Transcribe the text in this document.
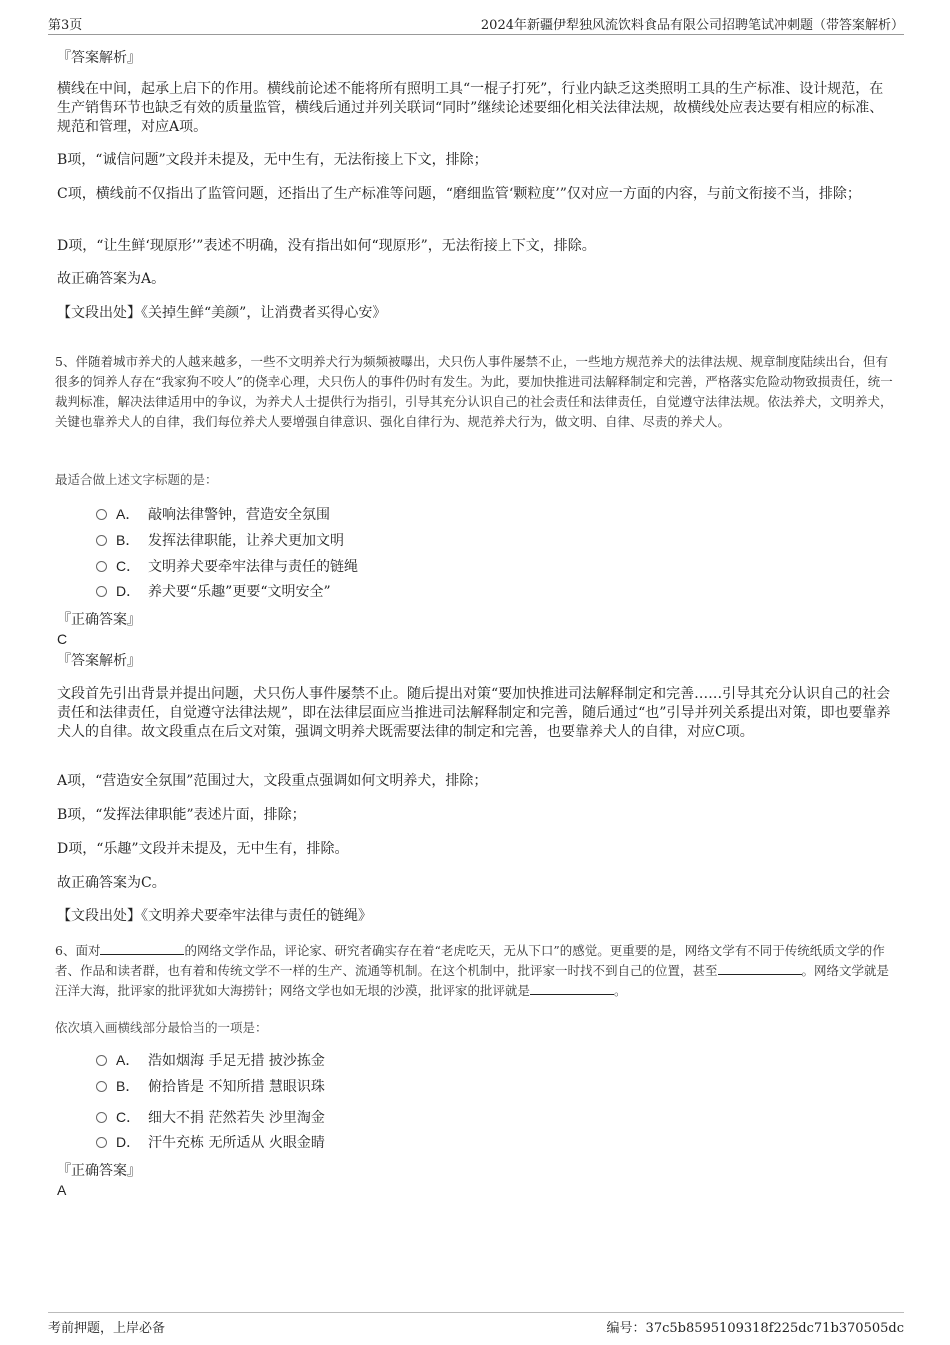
第3页	2024年新疆伊犁独风流饮料食品有限公司招聘笔试冲刺题（带答案解析）
『答案解析』
横线在中间，起承上启下的作用。横线前论述不能将所有照明工具“一棍子打死”，行业内缺乏这类照明工具的生产标准、设计规范，在生产销售环节也缺乏有效的质量监管，横线后通过并列关联词“同时”继续论述要细化相关法律法规，故横线处应表达要有相应的标准、规范和管理，对应A项。
B项，“诚信问题”文段并未提及，无中生有，无法衔接上下文，排除；
C项，横线前不仅指出了监管问题，还指出了生产标准等问题，“磨细监管‘颗粒度’”仅对应一方面的内容，与前文衔接不当，排除；
D项，“让生鲜‘现原形’”表述不明确，没有指出如何“现原形”，无法衔接上下文，排除。
故正确答案为A。
【文段出处】《关掉生鲜“美颜”，让消费者买得心安》
5、伴随着城市养犬的人越来越多，一些不文明养犬行为频频被曝出，犬只伤人事件屡禁不止，一些地方规范养犬的法律法规、规章制度陆续出台，但有很多的饲养人存在“我家狗不咬人”的侥幸心理，犬只伤人的事件仍时有发生。为此，要加快推进司法解释制定和完善，严格落实危险动物致损责任，统一裁判标准，解决法律适用中的争议，为养犬人士提供行为指引，引导其充分认识自己的社会责任和法律责任，自觉遵守法律法规。依法养犬，文明养犬，关键也靠养犬人的自律，我们每位养犬人要增强自律意识、强化自律行为、规范养犬行为，做文明、自律、尽责的养犬人。
最适合做上述文字标题的是：
A． 敲响法律警钟，营造安全氛围
B． 发挥法律职能，让养犬更加文明
C． 文明养犬要牵牢法律与责任的链绳
D． 养犬要“乐趣”更要“文明安全”
『正确答案』
C
『答案解析』
文段首先引出背景并提出问题，犬只伤人事件屡禁不止。随后提出对策“要加快推进司法解释制定和完善……引导其充分认识自己的社会责任和法律责任，自觉遵守法律法规”，即在法律层面应当推进司法解释制定和完善，随后通过“也”引导并列关系提出对策，即也要靠养犬人的自律。故文段重点在后文对策，强调文明养犬既需要法律的制定和完善，也要靠养犬人的自律，对应C项。
A项，“营造安全氛围”范围过大，文段重点强调如何文明养犬，排除；
B项，“发挥法律职能”表述片面，排除；
D项，“乐趣”文段并未提及，无中生有，排除。
故正确答案为C。
【文段出处】《文明养犬要牵牢法律与责任的链绳》
6、面对	的网络文学作品，评论家、研究者确实存在着“老虎吃天，无从下口”的感觉。更重要的是，网络文学有不同于传统纸质文学的作者、作品和读者群，也有着和传统文学不一样的生产、流通等机制。在这个机制中，批评家一时找不到自己的位置，甚至	。网络文学就是汪洋大海，批评家的批评犹如大海捞针；网络文学也如无垠的沙漠，批评家的批评就是	。
依次填入画横线部分最恰当的一项是：
A． 浩如烟海 手足无措 披沙拣金
B． 俯拾皆是 不知所措 慧眼识珠
C． 细大不捐 茫然若失 沙里淘金
D． 汗牛充栋 无所适从 火眼金睛
『正确答案』
A
考前押题，上岸必备	编号：37c5b8595109318f225dc71b370505dc
